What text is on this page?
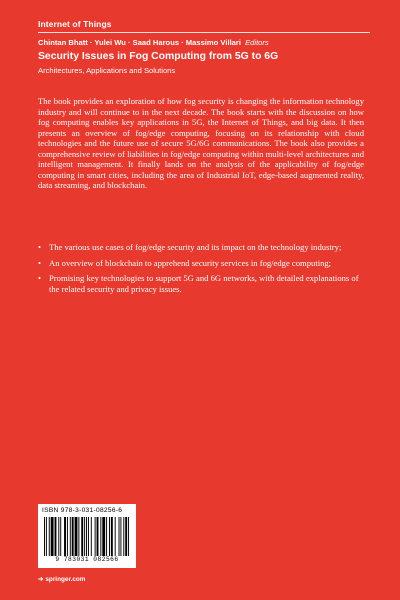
Internet of Things
Chintan Bhatt · Yulei Wu · Saad Harous · Massimo Villari Editors
Security Issues in Fog Computing from 5G to 6G
Architectures, Applications and Solutions

The book provides an exploration of how fog security is changing the information technology industry and will continue to in the next decade. The book starts with the discussion on how fog computing enables key applications in 5G, the Internet of Things, and big data. It then presents an overview of fog/edge computing, focusing on its relationship with cloud technologies and the future use of secure 5G/6G communications. The book also provides a comprehensive review of liabilities in fog/edge computing within multi-level architectures and intelligent management. It finally lands on the analysis of the applicability of fog/edge computing in smart cities, including the area of Industrial IoT, edge-based augmented reality, data streaming, and blockchain.

• The various use cases of fog/edge security and its impact on the technology industry;
• An overview of blockchain to apprehend security services in fog/edge computing;
• Promising key technologies to support 5G and 6G networks, with detailed explanations of the related security and privacy issues.
ISBN 978-3-031-08256-6
9 783031 082566
➔ springer.com
